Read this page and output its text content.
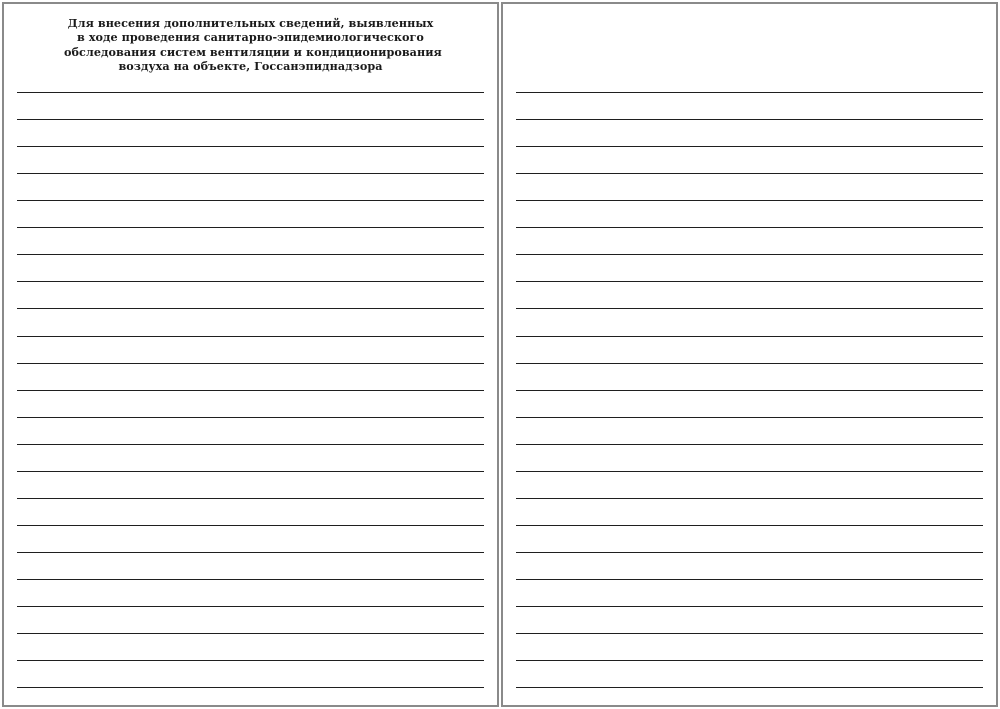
Для внесения дополнительных сведений, выявленных
в ходе проведения санитарно-эпидемиологического
обследования систем вентиляции и кондиционирования
воздуха на объекте, Госсанэпиднадзора
